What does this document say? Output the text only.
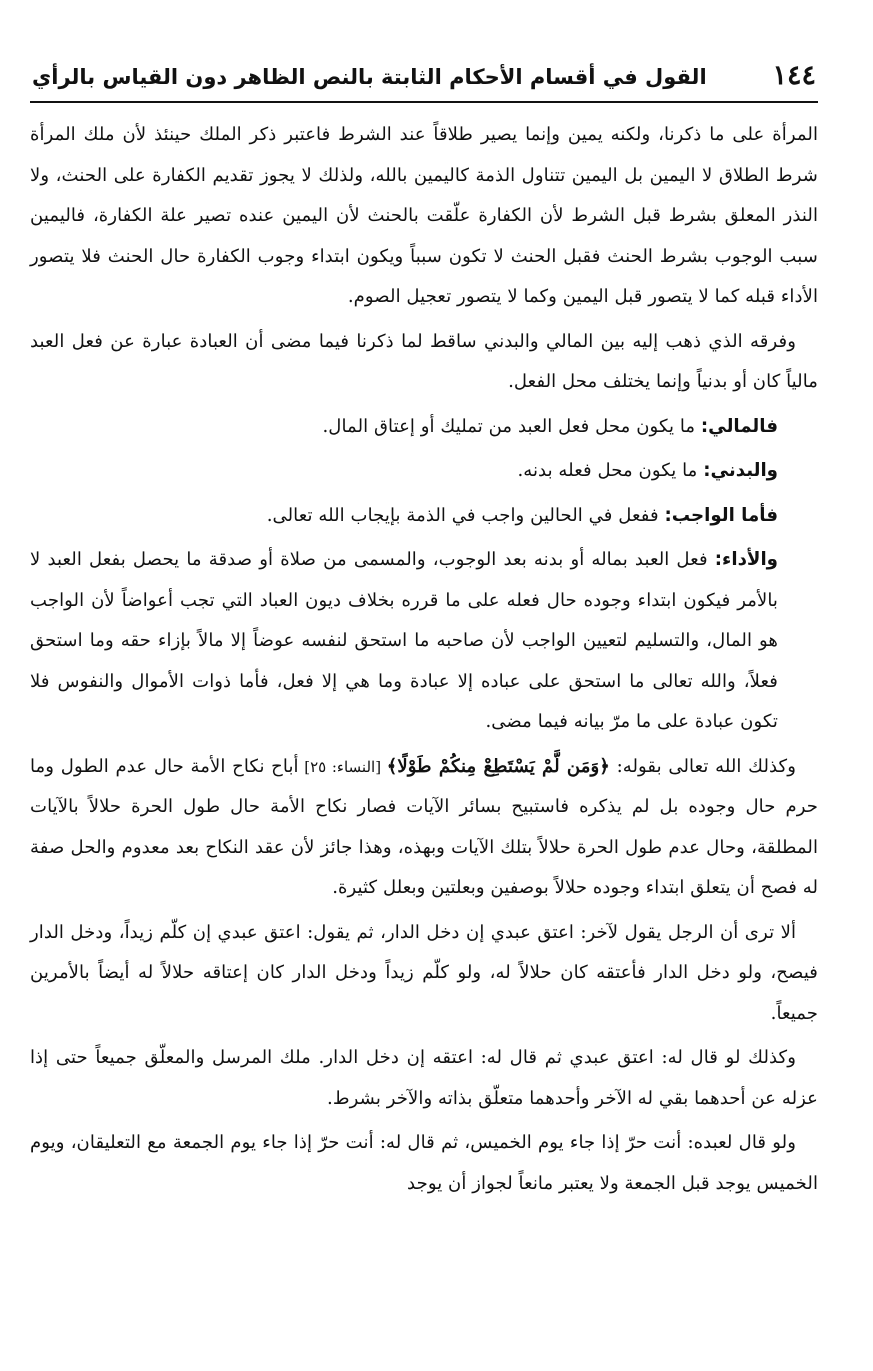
١٤٤
القول في أقسام الأحكام الثابتة بالنص الظاهر دون القياس بالرأي

المرأة على ما ذكرنا، ولكنه يمين وإنما يصير طلاقاً عند الشرط فاعتبر ذكر الملك حينئذ لأن ملك المرأة شرط الطلاق لا اليمين بل اليمين تتناول الذمة كاليمين بالله، ولذلك لا يجوز تقديم الكفارة على الحنث، ولا النذر المعلق بشرط قبل الشرط لأن الكفارة علّقت بالحنث لأن اليمين عنده تصير علة الكفارة، فاليمين سبب الوجوب بشرط الحنث فقبل الحنث لا تكون سبباً ويكون ابتداء وجوب الكفارة حال الحنث فلا يتصور الأداء قبله كما لا يتصور قبل اليمين وكما لا يتصور تعجيل الصوم.

وفرقه الذي ذهب إليه بين المالي والبدني ساقط لما ذكرنا فيما مضى أن العبادة عبارة عن فعل العبد مالياً كان أو بدنياً وإنما يختلف محل الفعل.

فالمالي: ما يكون محل فعل العبد من تمليك أو إعتاق المال.

والبدني: ما يكون محل فعله بدنه.

فأما الواجب: ففعل في الحالين واجب في الذمة بإيجاب الله تعالى.

والأداء: فعل العبد بماله أو بدنه بعد الوجوب، والمسمى من صلاة أو صدقة ما يحصل بفعل العبد لا بالأمر فيكون ابتداء وجوده حال فعله على ما قرره بخلاف ديون العباد التي تجب أعواضاً لأن الواجب هو المال، والتسليم لتعيين الواجب لأن صاحبه ما استحق لنفسه عوضاً إلا مالاً بإزاء حقه وما استحق فعلاً، والله تعالى ما استحق على عباده إلا عبادة وما هي إلا فعل، فأما ذوات الأموال والنفوس فلا تكون عبادة على ما مرّ بيانه فيما مضى.

وكذلك الله تعالى بقوله: ﴿وَمَن لَّمْ يَسْتَطِعْ مِنكُمْ طَوْلًا﴾ [النساء: ٢٥] أباح نكاح الأمة حال عدم الطول وما حرم حال وجوده بل لم يذكره فاستبيح بسائر الآيات فصار نكاح الأمة حال طول الحرة حلالاً بالآيات المطلقة، وحال عدم طول الحرة حلالاً بتلك الآيات وبهذه، وهذا جائز لأن عقد النكاح بعد معدوم والحل صفة له فصح أن يتعلق ابتداء وجوده حلالاً بوصفين وبعلتين وبعلل كثيرة.

ألا ترى أن الرجل يقول لآخر: اعتق عبدي إن دخل الدار، ثم يقول: اعتق عبدي إن كلّم زيداً، ودخل الدار فيصح، ولو دخل الدار فأعتقه كان حلالاً له، ولو كلّم زيداً ودخل الدار كان إعتاقه حلالاً له أيضاً بالأمرين جميعاً.

وكذلك لو قال له: اعتق عبدي ثم قال له: اعتقه إن دخل الدار. ملك المرسل والمعلّق جميعاً حتى إذا عزله عن أحدهما بقي له الآخر وأحدهما متعلّق بذاته والآخر بشرط.

ولو قال لعبده: أنت حرّ إذا جاء يوم الخميس، ثم قال له: أنت حرّ إذا جاء يوم الجمعة مع التعليقان، ويوم الخميس يوجد قبل الجمعة ولا يعتبر مانعاً لجواز أن يوجد
